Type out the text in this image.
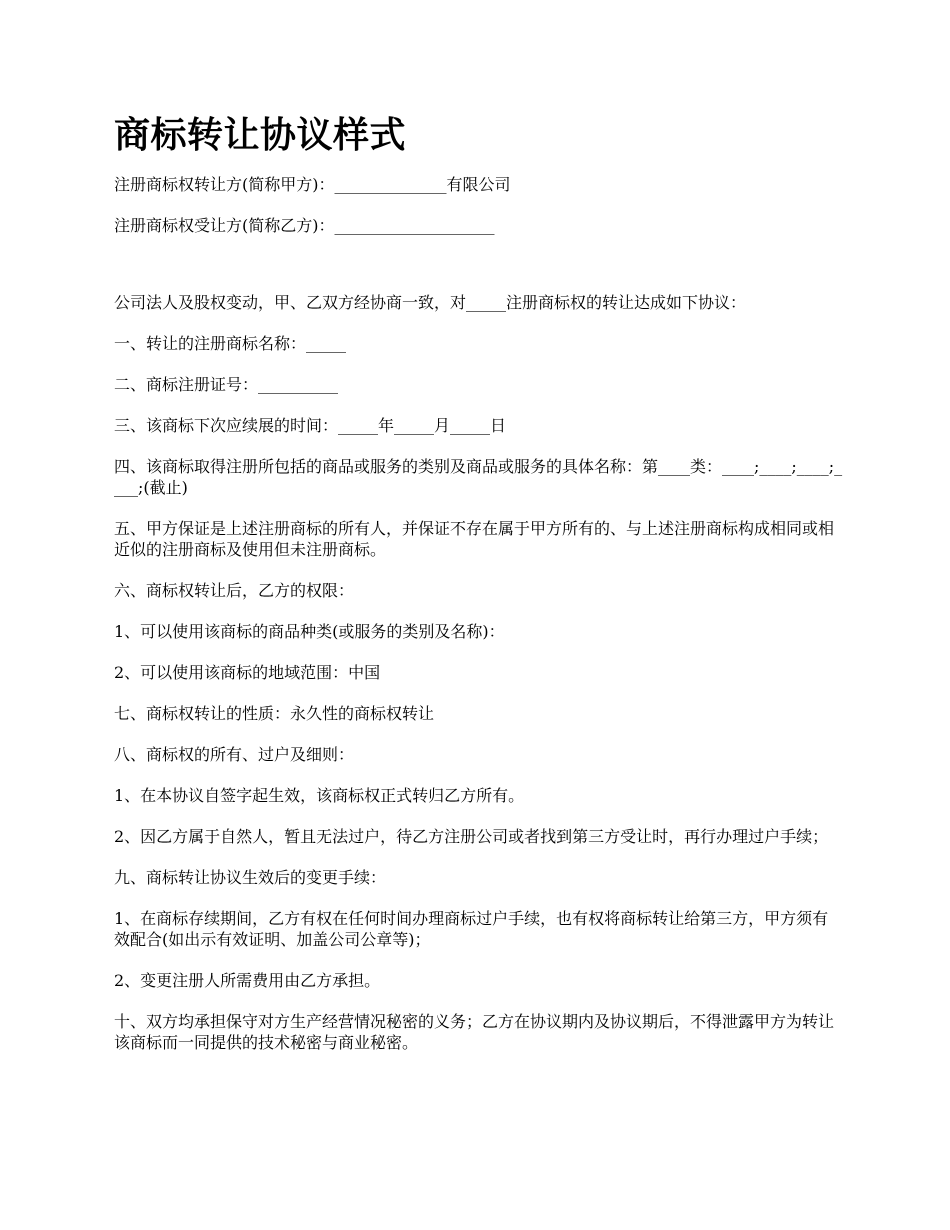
商标转让协议样式

注册商标权转让方(简称甲方)：______________有限公司

注册商标权受让方(简称乙方)：____________________

公司法人及股权变动，甲、乙双方经协商一致，对_____注册商标权的转让达成如下协议：

一、转让的注册商标名称：_____

二、商标注册证号：__________

三、该商标下次应续展的时间：_____年_____月_____日

四、该商标取得注册所包括的商品或服务的类别及商品或服务的具体名称：第____类：____;____;____;____;(截止)

五、甲方保证是上述注册商标的所有人，并保证不存在属于甲方所有的、与上述注册商标构成相同或相近似的注册商标及使用但未注册商标。

六、商标权转让后，乙方的权限：

1、可以使用该商标的商品种类(或服务的类别及名称)：

2、可以使用该商标的地域范围：中国

七、商标权转让的性质：永久性的商标权转让

八、商标权的所有、过户及细则：

1、在本协议自签字起生效，该商标权正式转归乙方所有。

2、因乙方属于自然人，暂且无法过户，待乙方注册公司或者找到第三方受让时，再行办理过户手续；

九、商标转让协议生效后的变更手续：

1、在商标存续期间，乙方有权在任何时间办理商标过户手续，也有权将商标转让给第三方，甲方须有效配合(如出示有效证明、加盖公司公章等)；

2、变更注册人所需费用由乙方承担。

十、双方均承担保守对方生产经营情况秘密的义务；乙方在协议期内及协议期后，不得泄露甲方为转让该商标而一同提供的技术秘密与商业秘密。
